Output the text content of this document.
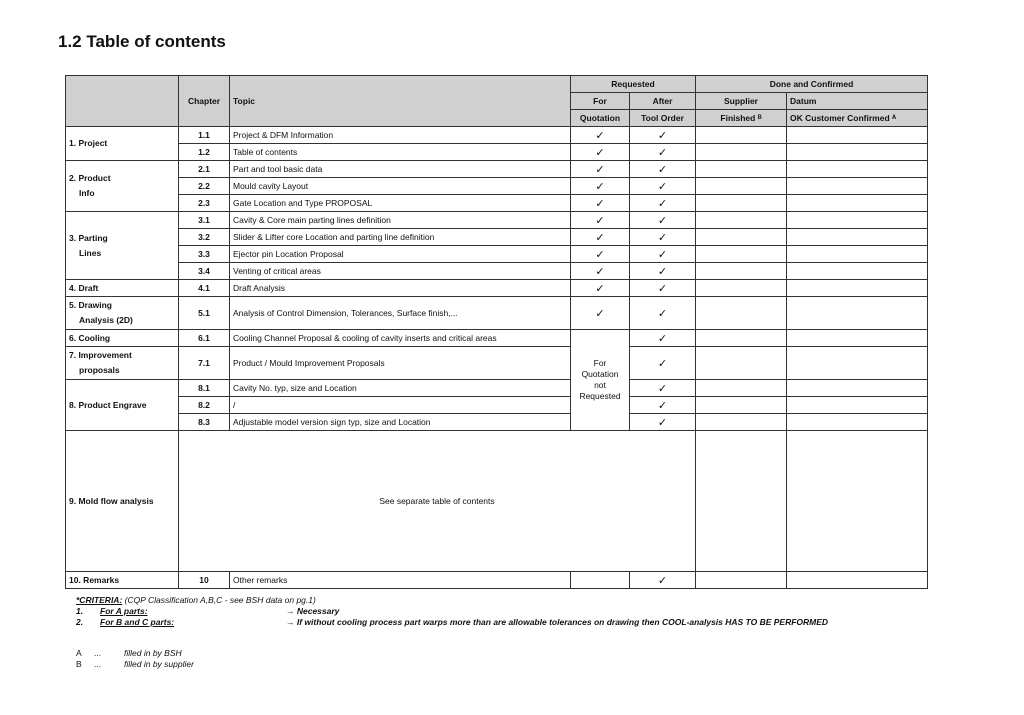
1.2 Table of contents
	Chapter	Topic	Requested		Done and Confirmed	
			For	After	Supplier	Datum
			Quotation	Tool Order	Finished ᴮ	OK Customer Confirmed ᴬ
1. Project	1.1	Project & DFM Information	✓	✓		
	1.2	Table of contents	✓	✓		

2. Product
Info	2.1	Part and tool basic data	✓	✓		
	2.2	Mould cavity Layout	✓	✓		
	2.3	Gate Location and Type PROPOSAL	✓	✓		

3. Parting
Lines	3.1	Cavity & Core main parting lines definition	✓	✓		
	3.2	Slider & Lifter core Location and parting line definition	✓	✓		
	3.3	Ejector pin Location Proposal	✓	✓		
	3.4	Venting of critical areas	✓	✓		
4. Draft	4.1	Draft Analysis	✓	✓		

5. Drawing
Analysis (2D)	5.1	Analysis of Control Dimension, Tolerances, Surface finish,...	✓	✓		
6. Cooling	6.1	Cooling Channel Proposal & cooling of cavity inserts and critical areas	For
Quotation
not
Requested	✓		

7. Improvement
proposals	7.1	Product / Mould Improvement Proposals		✓		
8. Product Engrave	8.1	Cavity No. typ, size and Location		✓		
	8.2	/		✓		
	8.3	Adjustable model version sign typ, size and Location		✓		
9. Mold flow analysis	See separate table of contents					
10. Remarks	10	Other remarks		✓		
*CRITERIA: (CQP Classification A,B,C - see BSH data on pg.1)
1.	For A parts:	→ Necessary
2.	For B and C parts:	→ If without cooling process part warps more than are allowable tolerances on drawing then COOL-analysis HAS TO BE PERFORMED
A	...	filled in by BSH
B	...	filled in by supplier
